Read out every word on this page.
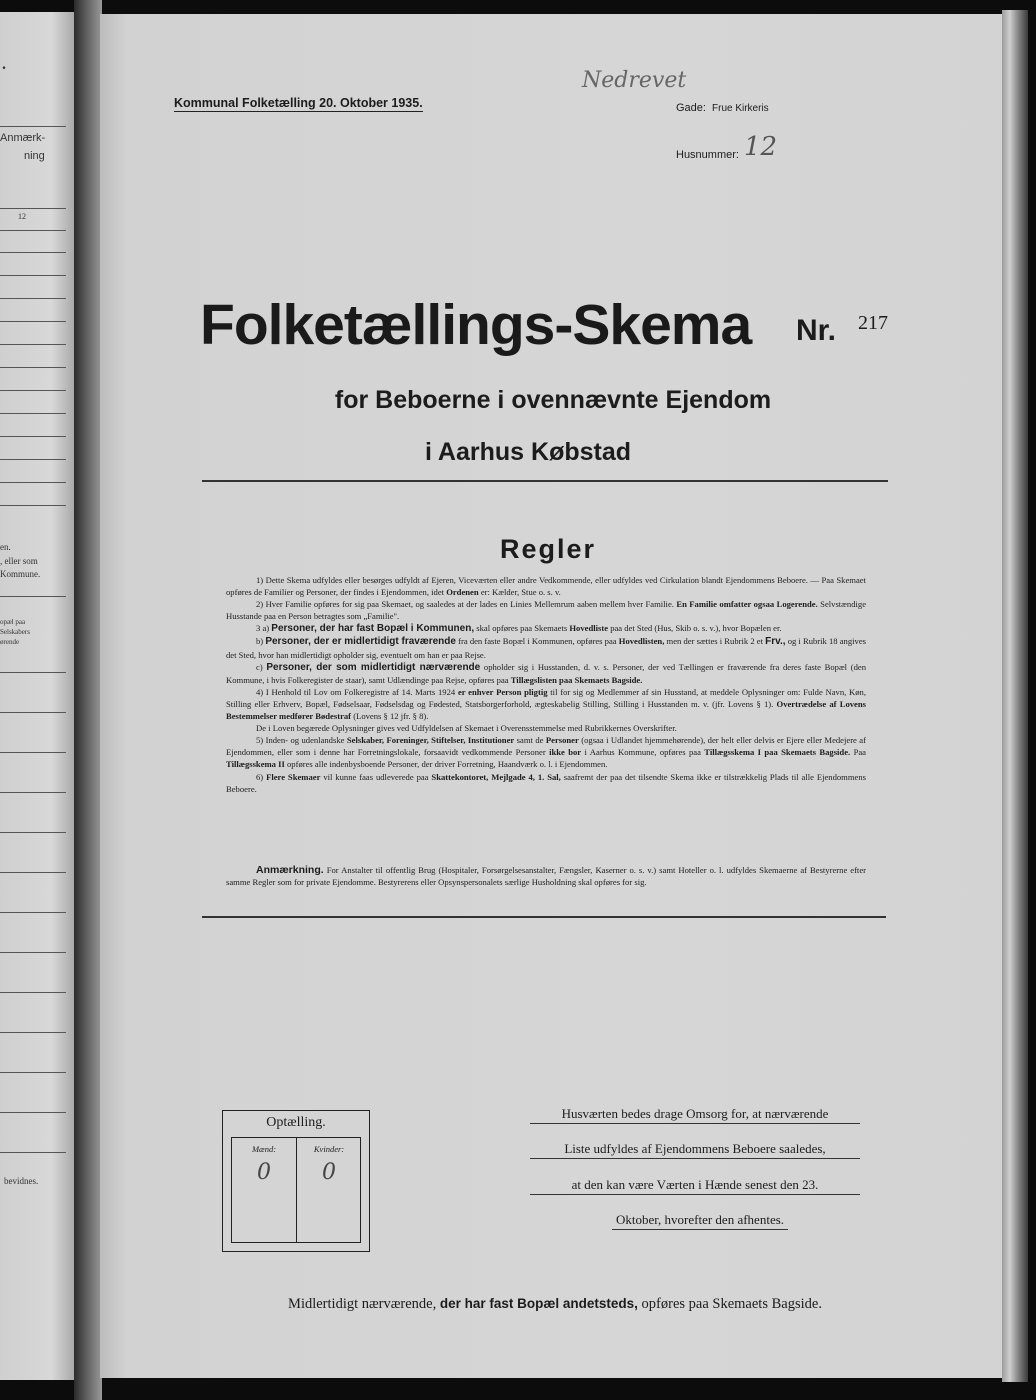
.
Anmærk-
ning
12
en.
, eller som
Kommune.
opæl paa
Selskabers
ørende
bevidnes.
Kommunal Folketælling 20. Oktober 1935.
Nedrevet
Gade: Frue Kirkeris
Husnummer: 12
Folketællings-Skema Nr. 217
for Beboerne i ovennævnte Ejendom
i Aarhus Købstad
Regler

1) Dette Skema udfyldes eller besørges udfyldt af Ejeren, Viceværten eller andre Vedkommende, eller udfyldes ved Cirkulation blandt Ejendommens Beboere. — Paa Skemaet opføres de Familier og Personer, der findes i Ejendommen, idet Ordenen er: Kælder, Stue o. s. v.

2) Hver Familie opføres for sig paa Skemaet, og saaledes at der lades en Linies Mellemrum aaben mellem hver Familie. En Familie omfatter ogsaa Logerende. Selvstændige Husstande paa en Person betragtes som „Familie".

3 a) Personer, der har fast Bopæl i Kommunen, skal opføres paa Skemaets Hovedliste paa det Sted (Hus, Skib o. s. v.), hvor Bopælen er.

b) Personer, der er midlertidigt fraværende fra den faste Bopæl i Kommunen, opføres paa Hovedlisten, men der sættes i Rubrik 2 et Frv., og i Rubrik 18 angives det Sted, hvor han midlertidigt opholder sig, eventuelt om han er paa Rejse.

c) Personer, der som midlertidigt nærværende opholder sig i Husstanden, d. v. s. Personer, der ved Tællingen er fraværende fra deres faste Bopæl (den Kommune, i hvis Folkeregister de staar), samt Udlændinge paa Rejse, opføres paa Tillægslisten paa Skemaets Bagside.

4) I Henhold til Lov om Folkeregistre af 14. Marts 1924 er enhver Person pligtig til for sig og Medlemmer af sin Husstand, at meddele Oplysninger om: Fulde Navn, Køn, Stilling eller Erhverv, Bopæl, Fødselsaar, Fødselsdag og Fødested, Statsborgerforhold, ægteskabelig Stilling, Stilling i Husstanden m. v. (jfr. Lovens § 1). Overtrædelse af Lovens Bestemmelser medfører Bødestraf (Lovens § 12 jfr. § 8).

De i Loven begærede Oplysninger gives ved Udfyldelsen af Skemaet i Overensstemmelse med Rubrikkernes Overskrifter.

5) Inden- og udenlandske Selskaber, Foreninger, Stiftelser, Institutioner samt de Personer (ogsaa i Udlandet hjemmehørende), der helt eller delvis er Ejere eller Medejere af Ejendommen, eller som i denne har Forretningslokale, forsaavidt vedkommende Personer ikke bor i Aarhus Kommune, opføres paa Tillægsskema I paa Skemaets Bagside. Paa Tillægsskema II opføres alle indenbysboende Personer, der driver Forretning, Haandværk o. l. i Ejendommen.

6) Flere Skemaer vil kunne faas udleverede paa Skattekontoret, Mejlgade 4, 1. Sal, saafremt der paa det tilsendte Skema ikke er tilstrækkelig Plads til alle Ejendommens Beboere.

Anmærkning. For Anstalter til offentlig Brug (Hospitaler, Forsørgelsesanstalter, Fængsler, Kaserner o. s. v.) samt Hoteller o. l. udfyldes Skemaerne af Bestyrerne efter samme Regler som for private Ejendomme. Bestyrerens eller Opsynspersonalets særlige Husholdning skal opføres for sig.
Optælling.
Mænd:
0
Kvinder:
0
Husværten bedes drage Omsorg for, at nærværende
Liste udfyldes af Ejendommens Beboere saaledes,
at den kan være Værten i Hænde senest den 23.
Oktober, hvorefter den afhentes.
Midlertidigt nærværende, der har fast Bopæl andetsteds, opføres paa Skemaets Bagside.
